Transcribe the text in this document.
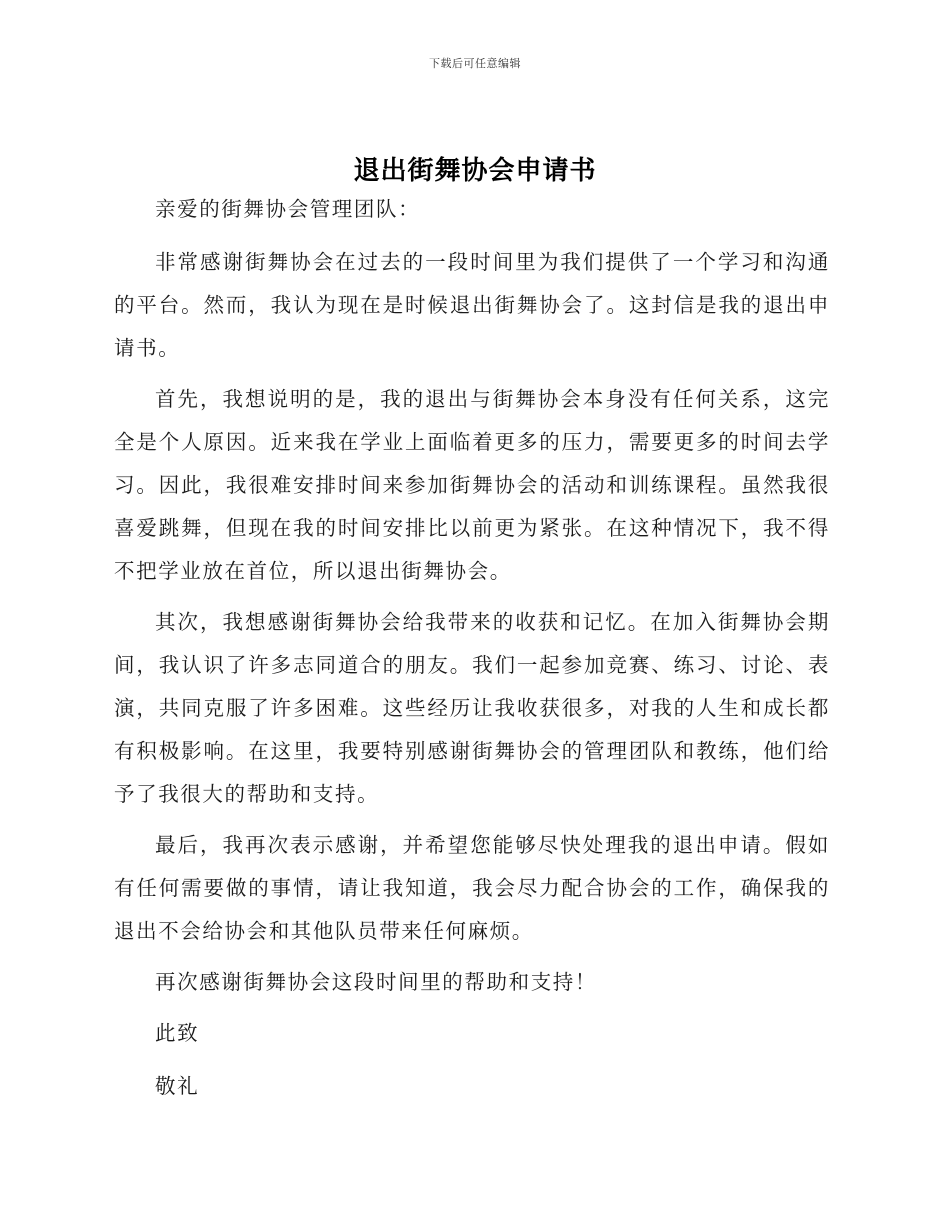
下载后可任意编辑
退出街舞协会申请书

亲爱的街舞协会管理团队：

非常感谢街舞协会在过去的一段时间里为我们提供了一个学习和沟通的平台。然而，我认为现在是时候退出街舞协会了。这封信是我的退出申请书。

首先，我想说明的是，我的退出与街舞协会本身没有任何关系，这完全是个人原因。近来我在学业上面临着更多的压力，需要更多的时间去学习。因此，我很难安排时间来参加街舞协会的活动和训练课程。虽然我很喜爱跳舞，但现在我的时间安排比以前更为紧张。在这种情况下，我不得不把学业放在首位，所以退出街舞协会。

其次，我想感谢街舞协会给我带来的收获和记忆。在加入街舞协会期间，我认识了许多志同道合的朋友。我们一起参加竞赛、练习、讨论、表演，共同克服了许多困难。这些经历让我收获很多，对我的人生和成长都有积极影响。在这里，我要特别感谢街舞协会的管理团队和教练，他们给予了我很大的帮助和支持。

最后，我再次表示感谢，并希望您能够尽快处理我的退出申请。假如有任何需要做的事情，请让我知道，我会尽力配合协会的工作，确保我的退出不会给协会和其他队员带来任何麻烦。

再次感谢街舞协会这段时间里的帮助和支持！

此致

敬礼
